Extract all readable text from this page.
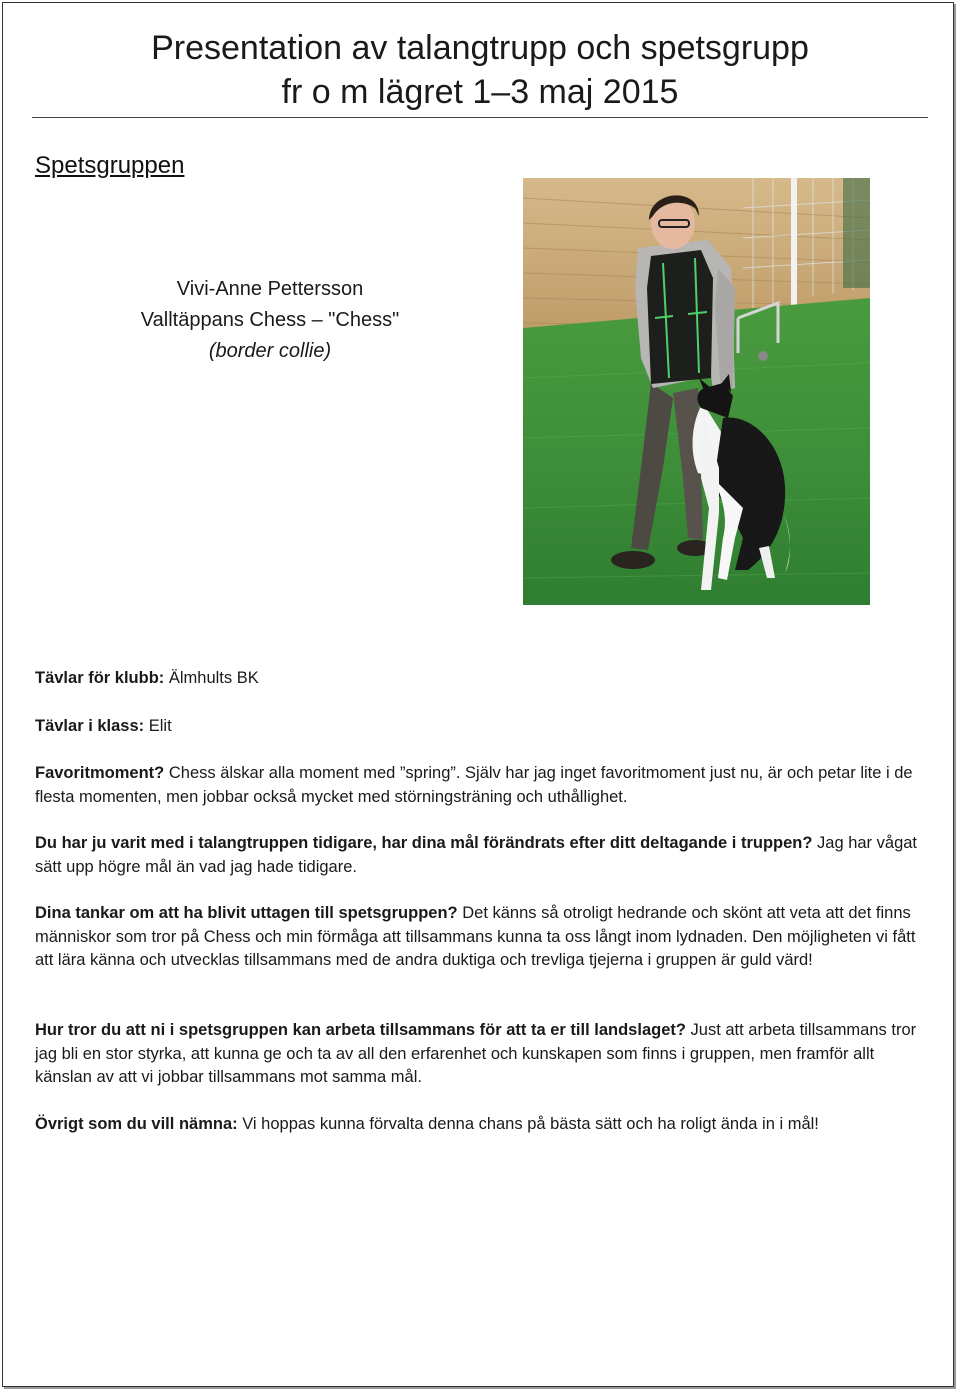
Presentation av talangtrupp och spetsgrupp
fr o m lägret 1–3 maj 2015
Spetsgruppen
Vivi-Anne Pettersson
Valltäppans Chess – "Chess"
(border collie)
Tävlar för klubb: Älmhults BK
Tävlar i klass: Elit
Favoritmoment? Chess älskar alla moment med ”spring”. Själv har jag inget favoritmoment just nu, är och petar lite i de flesta momenten, men jobbar också mycket med störningsträning och uthållighet.
Du har ju varit med i talangtruppen tidigare, har dina mål förändrats efter ditt deltagande i truppen? Jag har vågat sätt upp högre mål än vad jag hade tidigare.
Dina tankar om att ha blivit uttagen till spetsgruppen? Det känns så otroligt hedrande och skönt att veta att det finns människor som tror på Chess och min förmåga att tillsammans kunna ta oss långt inom lydnaden. Den möjligheten vi fått att lära känna och utvecklas tillsammans med de andra duktiga och trevliga tjejerna i gruppen är guld värd!
Hur tror du att ni i spetsgruppen kan arbeta tillsammans för att ta er till landslaget? Just att arbeta tillsammans tror jag bli en stor styrka, att kunna ge och ta av all den erfarenhet och kunskapen som finns i gruppen, men framför allt känslan av att vi jobbar tillsammans mot samma mål.
Övrigt som du vill nämna: Vi hoppas kunna förvalta denna chans på bästa sätt och ha roligt ända in i mål!
